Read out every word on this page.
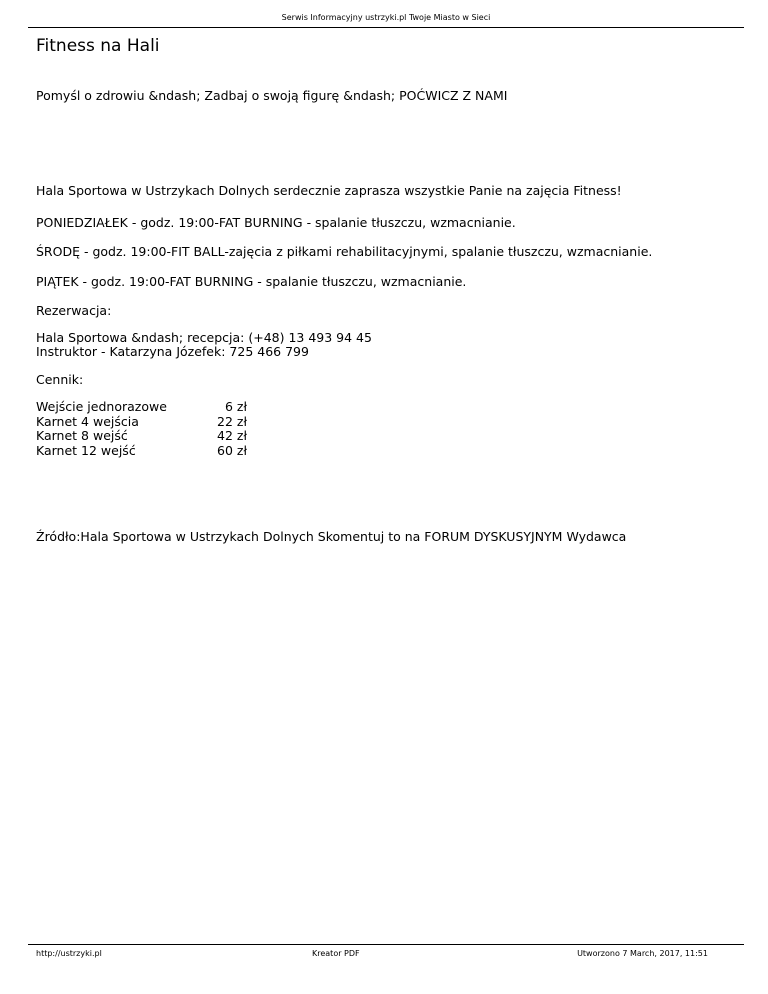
Serwis Informacyjny ustrzyki.pl Twoje Miasto w Sieci
Fitness na Hali
Pomyśl o zdrowiu &ndash; Zadbaj o swoją figurę &ndash; POĆWICZ Z NAMI
Hala Sportowa w Ustrzykach Dolnych serdecznie zaprasza wszystkie Panie na zajęcia Fitness!
PONIEDZIAŁEK - godz. 19:00-FAT BURNING - spalanie tłuszczu, wzmacnianie.
ŚRODĘ - godz. 19:00-FIT BALL-zajęcia z piłkami rehabilitacyjnymi, spalanie tłuszczu, wzmacnianie.
PIĄTEK - godz. 19:00-FAT BURNING - spalanie tłuszczu, wzmacnianie.
Rezerwacja:
Hala Sportowa &ndash; recepcja: (+48) 13 493 94 45
Instruktor - Katarzyna Józefek: 725 466 799
Cennik:
Wejście jednorazowe	6 zł
Karnet 4 wejścia	22 zł
Karnet 8 wejść	42 zł
Karnet 12 wejść	60 zł
Źródło:Hala Sportowa w Ustrzykach Dolnych Skomentuj to na FORUM DYSKUSYJNYM Wydawca
http://ustrzyki.pl	Kreator PDF	Utworzono 7 March, 2017, 11:51
